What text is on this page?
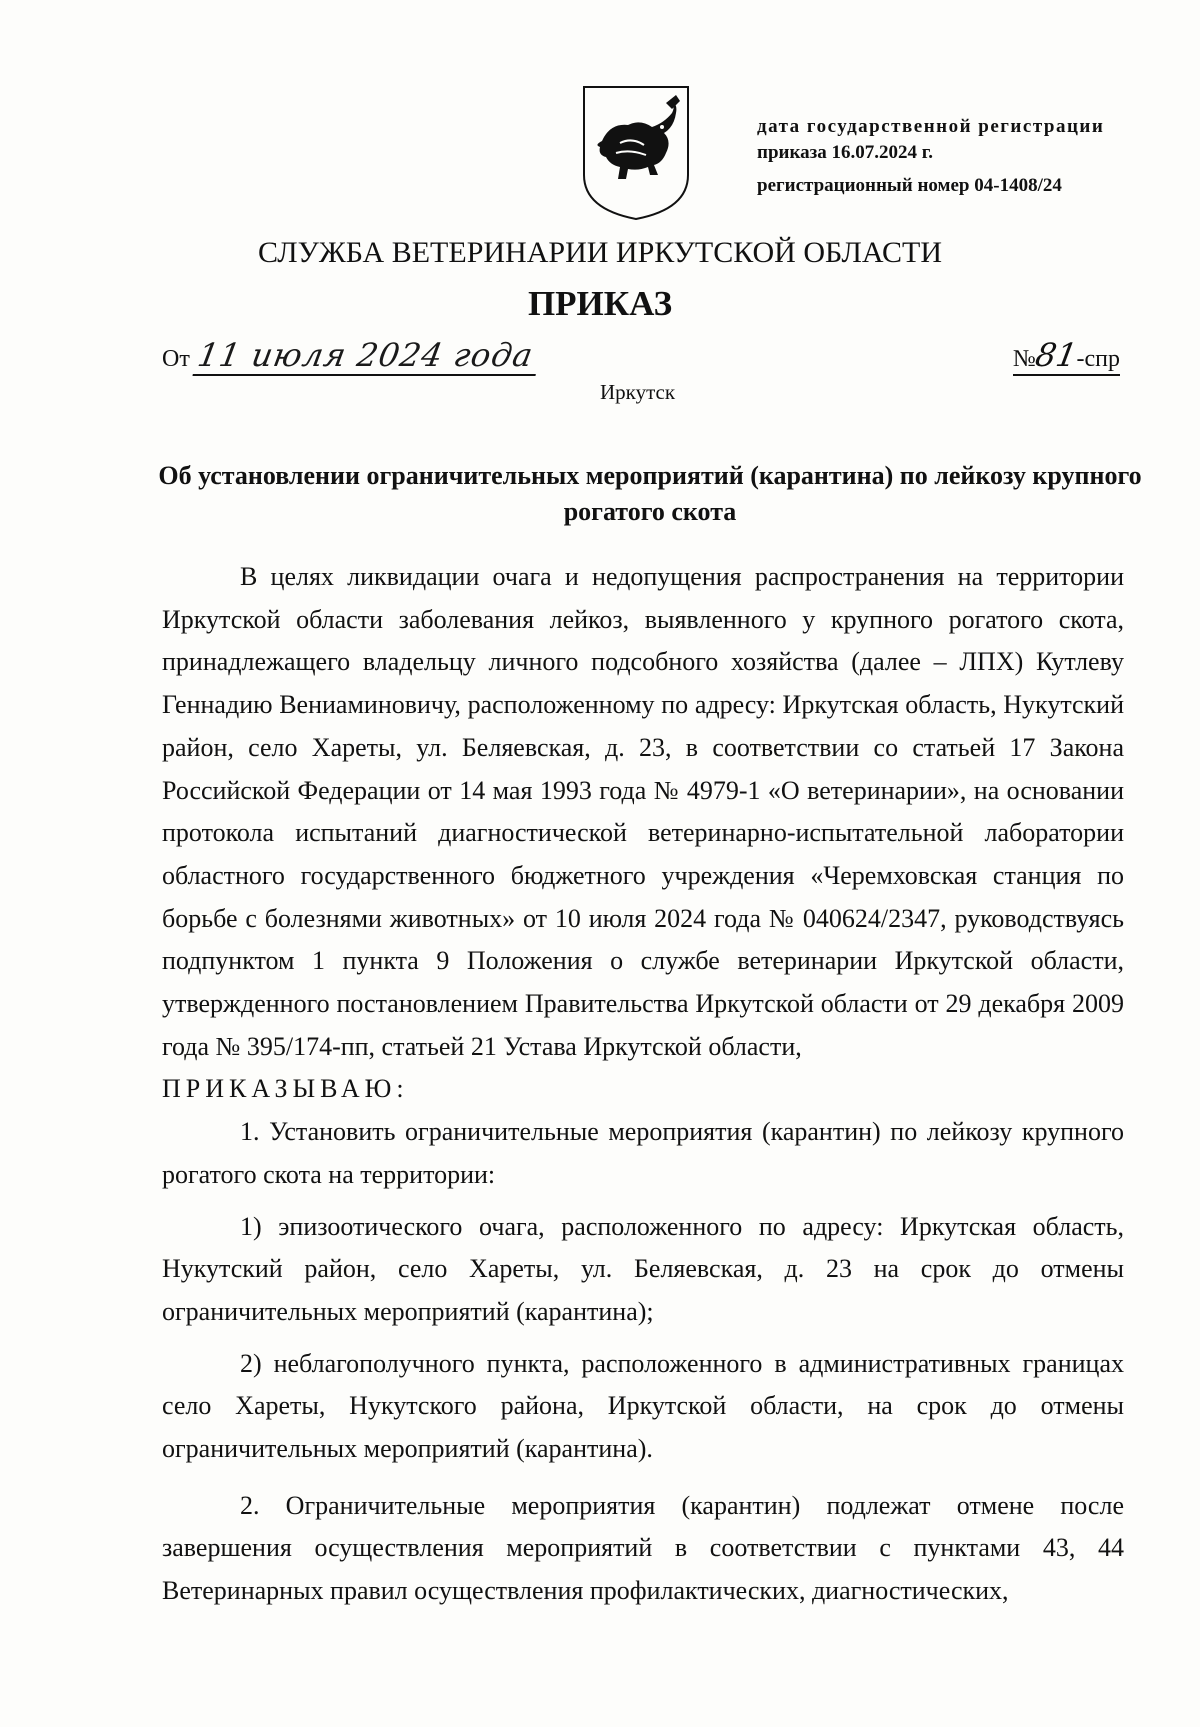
дата государственной регистрации
приказа 16.07.2024 г.
регистрационный номер 04-1408/24
СЛУЖБА ВЕТЕРИНАРИИ ИРКУТСКОЙ ОБЛАСТИ
ПРИКАЗ
От 11 июля 2024 года	№
81
-спр
Иркутск
Об установлении ограничительных мероприятий (карантина) по лейкозу крупного рогатого скота

В целях ликвидации очага и недопущения распространения на территории Иркутской области заболевания лейкоз, выявленного у крупного рогатого скота, принадлежащего владельцу личного подсобного хозяйства (далее – ЛПХ) Кутлеву Геннадию Вениаминовичу, расположенному по адресу: Иркутская область, Нукутский район, село Хареты, ул. Беляевская, д. 23, в соответствии со статьей 17 Закона Российской Федерации от 14 мая 1993 года № 4979-1 «О ветеринарии», на основании протокола испытаний диагностической ветеринарно-испытательной лаборатории областного государственного бюджетного учреждения «Черемховская станция по борьбе с болезнями животных» от 10 июля 2024 года № 040624/2347, руководствуясь подпунктом 1 пункта 9 Положения о службе ветеринарии Иркутской области, утвержденного постановлением Правительства Иркутской области от 29 декабря 2009 года № 395/174-пп, статьей 21 Устава Иркутской области,

ПРИКАЗЫВАЮ:

1. Установить ограничительные мероприятия (карантин) по лейкозу крупного рогатого скота на территории:

1) эпизоотического очага, расположенного по адресу: Иркутская область, Нукутский район, село Хареты, ул. Беляевская, д. 23 на срок до отмены ограничительных мероприятий (карантина);

2) неблагополучного пункта, расположенного в административных границах село Хареты, Нукутского района, Иркутской области, на срок до отмены ограничительных мероприятий (карантина).

2. Ограничительные мероприятия (карантин) подлежат отмене после завершения осуществления мероприятий в соответствии с пунктами 43, 44 Ветеринарных правил осуществления профилактических, диагностических,
